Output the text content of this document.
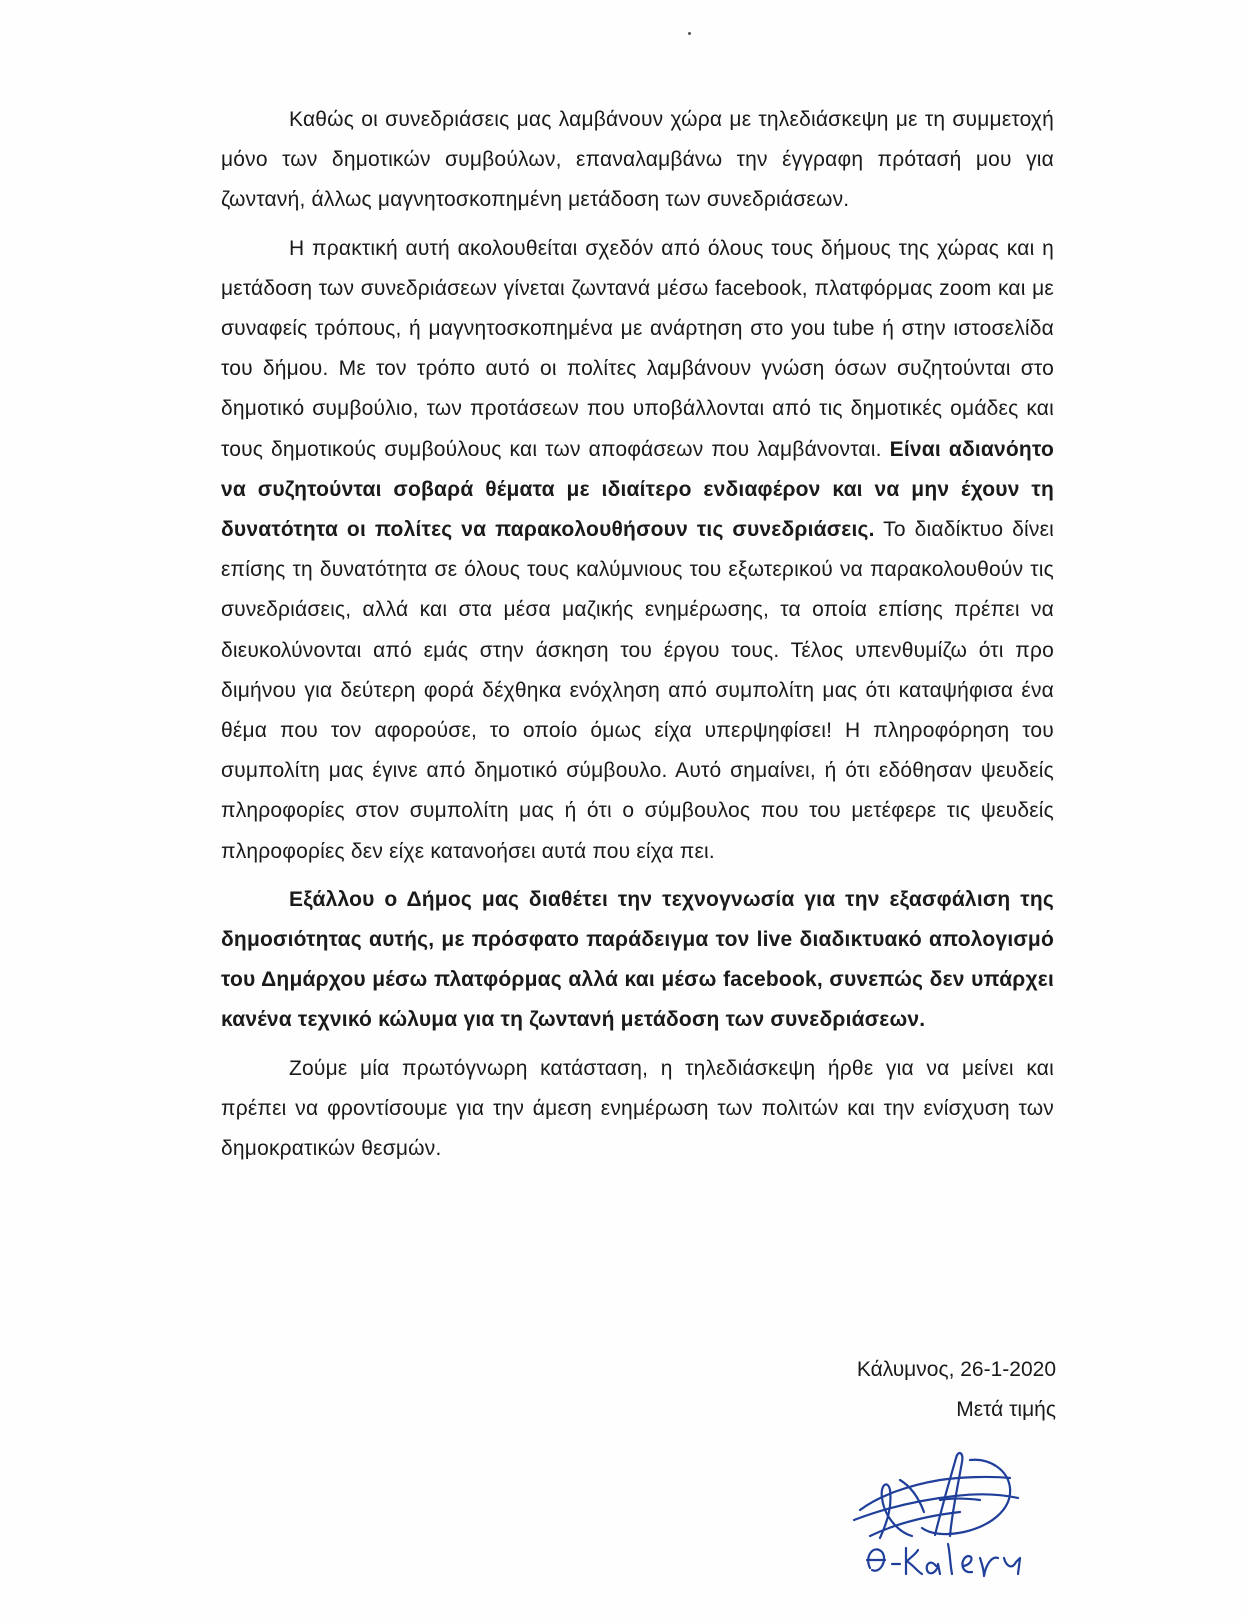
Καθώς οι συνεδριάσεις μας λαμβάνουν χώρα με τηλεδιάσκεψη με τη συμμετοχή μόνο των δημοτικών συμβούλων, επαναλαμβάνω την έγγραφη πρότασή μου για ζωντανή, άλλως μαγνητοσκοπημένη μετάδοση των συνεδριάσεων.

Η πρακτική αυτή ακολουθείται σχεδόν από όλους τους δήμους της χώρας και η μετάδοση των συνεδριάσεων γίνεται ζωντανά μέσω facebook, πλατφόρμας zoom και με συναφείς τρόπους, ή μαγνητοσκοπημένα με ανάρτηση στο you tube ή στην ιστοσελίδα του δήμου. Με τον τρόπο αυτό οι πολίτες λαμβάνουν γνώση όσων συζητούνται στο δημοτικό συμβούλιο, των προτάσεων που υποβάλλονται από τις δημοτικές ομάδες και τους δημοτικούς συμβούλους και των αποφάσεων που λαμβάνονται. Είναι αδιανόητο να συζητούνται σοβαρά θέματα με ιδιαίτερο ενδιαφέρον και να μην έχουν τη δυνατότητα οι πολίτες να παρακολουθήσουν τις συνεδριάσεις. Το διαδίκτυο δίνει επίσης τη δυνατότητα σε όλους τους καλύμνιους του εξωτερικού να παρακολουθούν τις συνεδριάσεις, αλλά και στα μέσα μαζικής ενημέρωσης, τα οποία επίσης πρέπει να διευκολύνονται από εμάς στην άσκηση του έργου τους. Τέλος υπενθυμίζω ότι προ διμήνου για δεύτερη φορά δέχθηκα ενόχληση από συμπολίτη μας ότι καταψήφισα ένα θέμα που τον αφορούσε, το οποίο όμως είχα υπερψηφίσει! Η πληροφόρηση του συμπολίτη μας έγινε από δημοτικό σύμβουλο. Αυτό σημαίνει, ή ότι εδόθησαν ψευδείς πληροφορίες στον συμπολίτη μας ή ότι ο σύμβουλος που του μετέφερε τις ψευδείς πληροφορίες δεν είχε κατανοήσει αυτά που είχα πει.

Εξάλλου ο Δήμος μας διαθέτει την τεχνογνωσία για την εξασφάλιση της δημοσιότητας αυτής, με πρόσφατο παράδειγμα τον live διαδικτυακό απολογισμό του Δημάρχου μέσω πλατφόρμας αλλά και μέσω facebook, συνεπώς δεν υπάρχει κανένα τεχνικό κώλυμα για τη ζωντανή μετάδοση των συνεδριάσεων.

Ζούμε μία πρωτόγνωρη κατάσταση, η τηλεδιάσκεψη ήρθε για να μείνει και πρέπει να φροντίσουμε για την άμεση ενημέρωση των πολιτών και την ενίσχυση των δημοκρατικών θεσμών.

Κάλυμνος, 26-1-2020
Μετά τιμής
Θ-Καλέρη
